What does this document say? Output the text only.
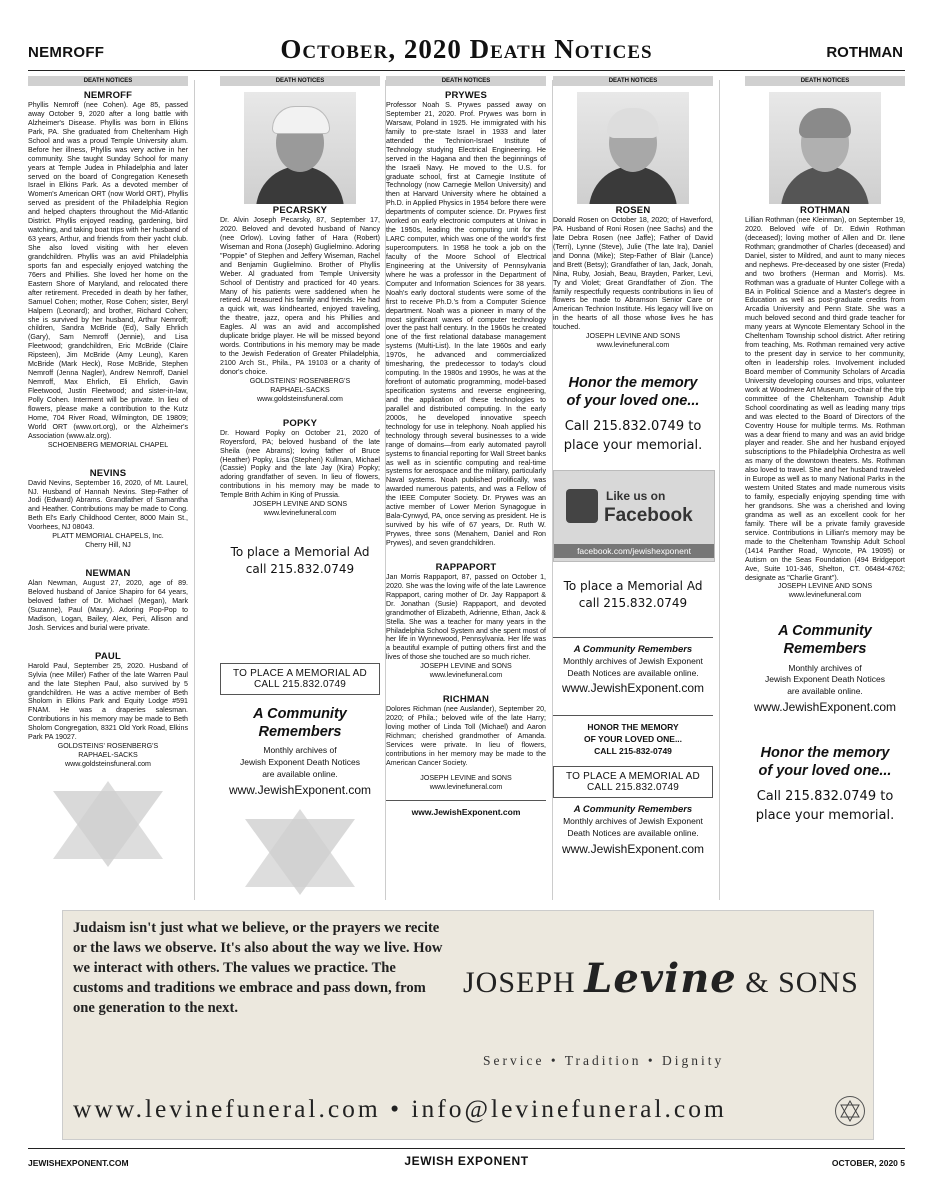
NEMROFF	October, 2020 Death Notices	ROTHMAN
DEATH NOTICES
NEMROFF
Phyllis Nemroff (nee Cohen). Age 85, passed away October 9, 2020 after a long battle with Alzheimer's Disease. Phyllis was born in Elkins Park, PA. She graduated from Cheltenham High School and was a proud Temple University alum. Before her illness, Phyllis was very active in her community. She taught Sunday School for many years at Temple Judea in Philadelphia and later served on the board of Congregation Keneseth Israel in Elkins Park. As a devoted member of Women's American ORT (now World ORT), Phyllis served as president of the Philadelphia Region and helped chapters throughout the Mid-Atlantic District. Phyllis enjoyed reading, gardening, bird watching, and taking boat trips with her husband of 63 years, Arthur, and friends from their yacht club. She also loved visiting with her eleven grandchildren. Phyllis was an avid Philadelphia sports fan and especially enjoyed watching the 76ers and Phillies. She loved her home on the Eastern Shore of Maryland, and relocated there after retirement. Preceded in death by her father, Samuel Cohen; mother, Rose Cohen; sister, Beryl Halpern (Leonard); and brother, Richard Cohen; she is survived by her husband, Arthur Nemroff; children, Sandra McBride (Ed), Sally Ehrlich (Gary), Sam Nemroff (Jennie), and Lisa Fleetwood; grandchildren, Eric McBride (Claire Ripsteen), Jim McBride (Amy Leung), Karen McBride (Mark Heck), Rose McBride, Stephen Nemroff (Jenna Nagler), Andrew Nemroff, Daniel Nemroff, Max Ehrlich, Eli Ehrlich, Gavin Fleetwood, Justin Fleetwood; and sister-in-law, Polly Cohen. Interment will be private. In lieu of flowers, please make a contribution to the Kutz Home, 704 River Road, Wilmington, DE 19809; World ORT (www.ort.org), or the Alzheimer's Association (www.alz.org).
SCHOENBERG MEMORIAL CHAPEL
NEVINS
David Nevins, September 16, 2020, of Mt. Laurel, NJ. Husband of Hannah Nevins. Step-Father of Jodi (Edward) Abrams. Grandfather of Samantha and Heather. Contributions may be made to Cong. Beth El's Early Childhood Center, 8000 Main St., Voorhees, NJ 08043.
PLATT MEMORIAL CHAPELS, Inc.
Cherry Hill, NJ
NEWMAN
Alan Newman, August 27, 2020, age of 89. Beloved husband of Janice Shapiro for 64 years, beloved father of Dr. Michael (Megan), Mark (Suzanne), Paul (Maury). Adoring Pop-Pop to Madison, Logan, Bailey, Alex, Peri, Allison and Josh. Services and burial were private.
PAUL
Harold Paul, September 25, 2020. Husband of Sylvia (nee Miller) Father of the late Warren Paul and the late Stephen Paul, also survived by 5 grandchildren. He was a active member of Beth Sholom in Elkins Park and Equity Lodge #591 FNAM. He was a draperies salesman. Contributions in his memory may be made to Beth Sholom Congregation, 8321 Old York Road, Elkins Park PA 19027.
GOLDSTEINS' ROSENBERG'S
RAPHAEL-SACKS
www.goldsteinsfuneral.com
DEATH NOTICES
PECARSKY
Dr. Alvin Joseph Pecarsky, 87, September 17, 2020. Beloved and devoted husband of Nancy (nee Orlow). Loving father of Hara (Robert) Wiseman and Rona (Joseph) Guglielmino. Adoring "Poppie" of Stephen and Jeffery Wiseman, Rachel and Benjamin Guglielmino. Brother of Phyllis Weber. Al graduated from Temple University School of Dentistry and practiced for 40 years. Many of his patients were saddened when he retired. Al treasured his family and friends. He had a quick wit, was kindhearted, enjoyed traveling, the theatre, jazz, opera and his Phillies and Eagles. Al was an avid and accomplished duplicate bridge player. He will be missed beyond words. Contributions in his memory may be made to the Jewish Federation of Greater Philadelphia, 2100 Arch St., Phila., PA 19103 or a charity of donor's choice.
GOLDSTEINS' ROSENBERG'S
RAPHAEL-SACKS
www.goldsteinsfuneral.com
POPKY
Dr. Howard Popky on October 21, 2020 of Royersford, PA; beloved husband of the late Sheila (nee Abrams); loving father of Bruce (Heather) Popky, Lisa (Stephen) Kullman, Michael (Cassie) Popky and the late Jay (Kira) Popky; adoring grandfather of seven. In lieu of flowers, contributions in his memory may be made to Temple Brith Achim in King of Prussia.
JOSEPH LEVINE AND SONS
www.levinefuneral.com
To place a Memorial Ad
call 215.832.0749
TO PLACE A MEMORIAL AD
CALL 215.832.0749
A Community
Remembers
Monthly archives of
Jewish Exponent Death Notices
are available online.
www.JewishExponent.com
DEATH NOTICES
PRYWES
Professor Noah S. Prywes passed away on September 21, 2020. Prof. Prywes was born in Warsaw, Poland in 1925. He immigrated with his family to pre-state Israel in 1933 and later attended the Technion-Israel Institute of Technology studying Electrical Engineering. He served in the Hagana and then the beginnings of the Israeli Navy. He moved to the U.S. for graduate school, first at Carnegie Institute of Technology (now Carnegie Mellon University) and then at Harvard University where he obtained a Ph.D. in Applied Physics in 1954 before there were departments of computer science. Dr. Prywes first worked on early electronic computers at Univac in the 1950s, leading the computing unit for the LARC computer, which was one of the world's first supercomputers. In 1958 he took a job on the faculty of the Moore School of Electrical Engineering at the University of Pennsylvania where he was a professor in the Department of Computer and Information Sciences for 38 years. Noah's early doctoral students were some of the first to receive Ph.D.'s from a Computer Science department. Noah was a pioneer in many of the most significant waves of computer technology over the past half century. In the 1960s he created one of the first relational database management systems (Multi-List). In the late 1960s and early 1970s, he advanced and commercialized timesharing, the predecessor to today's cloud computing. In the 1980s and 1990s, he was at the forefront of automatic programming, model-based specification systems and reverse engineering, and the application of these technologies to parallel and distributed computing. In the early 2000s, he developed innovative speech technology for use in telephony. Noah applied his technology through several businesses to a wide range of domains—from early automated payroll systems to financial reporting for Wall Street banks as well as in scientific computing and real-time systems for aerospace and the military, particularly Naval systems. Noah published prolifically, was awarded numerous patents, and was a Fellow of the IEEE Computer Society. Dr. Prywes was an active member of Lower Merion Synagogue in Bala-Cynwyd, PA, once serving as president. He is survived by his wife of 67 years, Dr. Ruth W. Prywes, three sons (Menahem, Daniel and Ron Prywes), and seven grandchildren.
RAPPAPORT
Jan Morris Rappaport, 87, passed on October 1, 2020. She was the loving wife of the late Lawrence Rappaport, caring mother of Dr. Jay Rappaport & Dr. Jonathan (Susie) Rappaport, and devoted grandmother of Elizabeth, Adrienne, Ethan, Jack & Stella. She was a teacher for many years in the Philadelphia School System and she spent most of her life in Wynnewood, Pennsylvania. Her life was a beautiful example of putting others first and the lives of those she touched are so much richer.
JOSEPH LEVINE and SONS
www.levinefuneral.com
RICHMAN
Dolores Richman (nee Auslander), September 20, 2020; of Phila.; beloved wife of the late Harry; loving mother of Linda Toll (Michael) and Aaron Richman; cherished grandmother of Amanda. Services were private. In lieu of flowers, contributions in her memory may be made to the American Cancer Society.
JOSEPH LEVINE and SONS
www.levinefuneral.com
www.JewishExponent.com
DEATH NOTICES
ROSEN
Donald Rosen on October 18, 2020; of Haverford, PA. Husband of Roni Rosen (nee Sachs) and the late Debra Rosen (nee Jaffe); Father of David (Terri), Lynne (Steve), Julie (The late Ira), Daniel and Donna (Mike); Step-Father of Blair (Lance) and Brett (Betsy); Grandfather of Ian, Jack, Jonah, Nina, Ruby, Josiah, Beau, Brayden, Parker, Levi, Ty and Violet; Great Grandfather of Zion. The family respectfully requests contributions in lieu of flowers be made to Abramson Senior Care or American Technion Institute. His legacy will live on in the hearts of all those whose lives he has touched.
JOSEPH LEVINE AND SONS
www.levinefuneral.com
Honor the memory
of your loved one...
Call 215.832.0749 to
place your memorial.
Like us on
Facebook
facebook.com/jewishexponent
To place a Memorial Ad
call 215.832.0749
A Community Remembers
Monthly archives of Jewish Exponent
Death Notices are available online.
www.JewishExponent.com
HONOR THE MEMORY
OF YOUR LOVED ONE...
CALL 215-832-0749
TO PLACE A MEMORIAL AD
CALL 215.832.0749
A Community Remembers
Monthly archives of Jewish Exponent
Death Notices are available online.
www.JewishExponent.com
DEATH NOTICES
ROTHMAN
Lillian Rothman (nee Kleinman), on September 19, 2020. Beloved wife of Dr. Edwin Rothman (deceased); loving mother of Allen and Dr. Ilene Rothman; grandmother of Charles (deceased) and Daniel, sister to Mildred, and aunt to many nieces and nephews. Pre-deceased by one sister (Freda) and two brothers (Herman and Morris). Ms. Rothman was a graduate of Hunter College with a BA in Political Science and a Master's degree in Education as well as post-graduate credits from Arcadia University and Penn State. She was a much beloved second and third grade teacher for many years at Wyncote Elementary School in the Cheltenham Township school district. After retiring from teaching, Ms. Rothman remained very active to the present day in service to her community, often in leadership roles. Involvement included Board member of Community Scholars of Arcadia University developing courses and trips, volunteer work at Woodmere Art Museum, co-chair of the trip committee of the Cheltenham Township Adult School coordinating as well as leading many trips and was elected to the Board of Directors of the Coventry House for multiple terms. Ms. Rothman was a dear friend to many and was an avid bridge player and reader. She and her husband enjoyed subscriptions to the Philadelphia Orchestra as well as many of the downtown theaters. Ms. Rothman also loved to travel. She and her husband traveled in Europe as well as to many National Parks in the western United States and made numerous visits to family, especially enjoying spending time with her grandsons. She was a cherished and loving grandma as well as an excellent cook for her family. There will be a private family graveside service. Contributions in Lillian's memory may be made to the Cheltenham Township Adult School (1414 Panther Road, Wyncote, PA 19095) or Autism on the Seas Foundation (494 Bridgeport Ave, Suite 101-346, Shelton, CT. 06484-4762; designate as "Charlie Grant").
JOSEPH LEVINE AND SONS
www.levinefuneral.com
A Community
Remembers
Monthly archives of
Jewish Exponent Death Notices
are available online.
www.JewishExponent.com
Honor the memory
of your loved one...
Call 215.832.0749 to
place your memorial.
Judaism isn't just what we believe, or the prayers we recite or the laws we observe. It's also about the way we live. How we interact with others. The values we practice. The customs and traditions we embrace and pass down, from one generation to the next.
JOSEPH Levine & SONS
Service • Tradition • Dignity
www.levinefuneral.com • info@levinefuneral.com
JEWISHEXPONENT.COM	JEWISH EXPONENT	OCTOBER, 2020 5
